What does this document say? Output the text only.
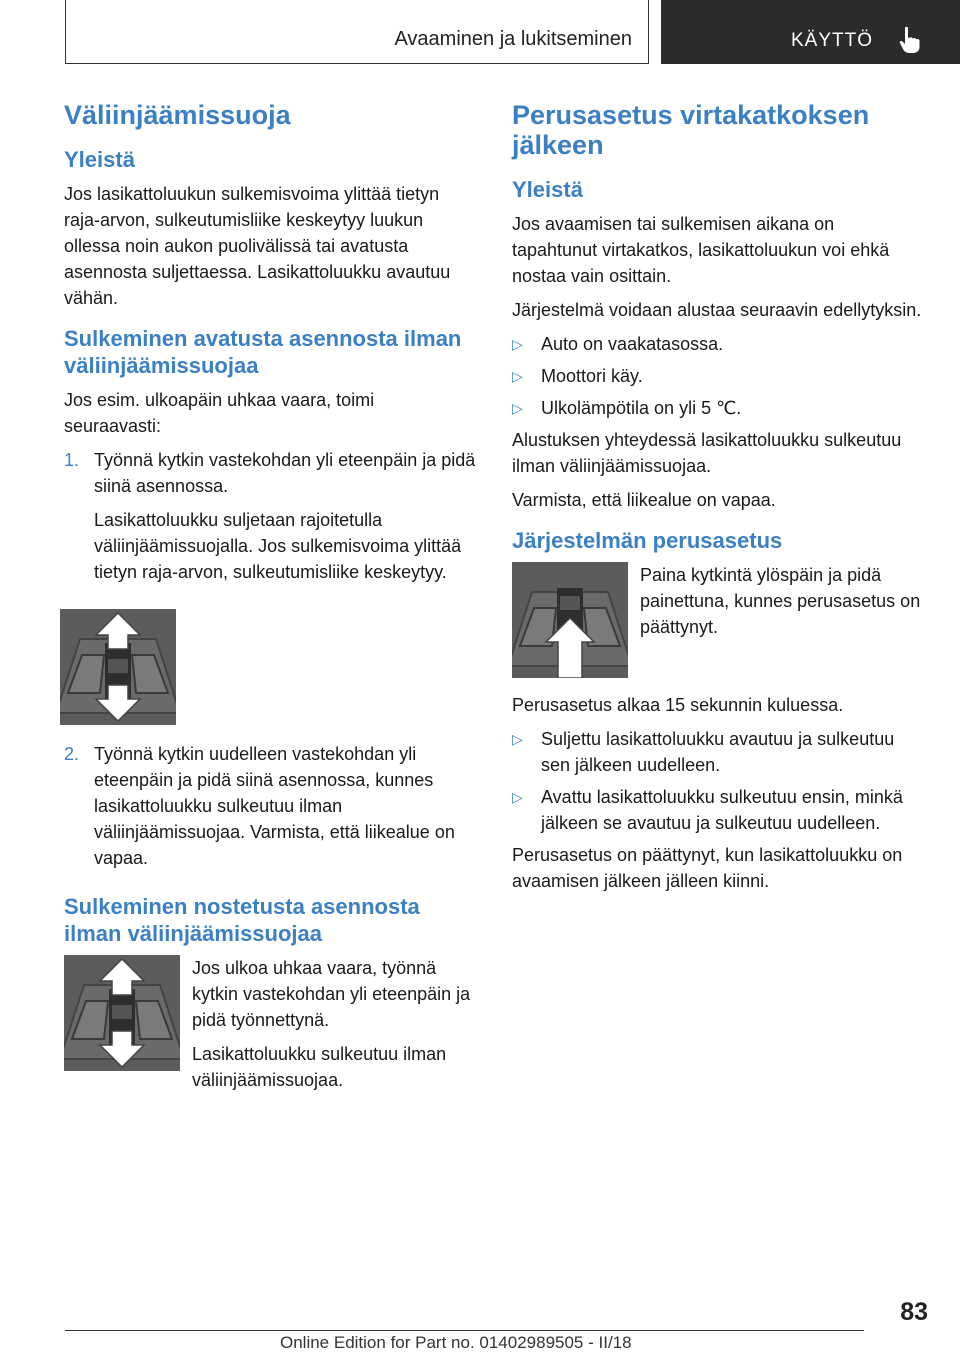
Avaaminen ja lukitseminen	KÄYTTÖ
Väliinjäämissuoja
Yleistä

Jos lasikattoluukun sulkemisvoima ylittää tietyn raja-arvon, sulkeutumisliike keskeytyy luukun ollessa noin aukon puolivälissä tai avatusta asennosta suljettaessa. Lasikattoluukku avautuu vähän.

Sulkeminen avatusta asennosta ilman väliinjäämissuojaa

Jos esim. ulkoapäin uhkaa vaara, toimi seuraavasti:

1. Työnnä kytkin vastekohdan yli eteenpäin ja pidä siinä asennossa.

Lasikattoluukku suljetaan rajoitetulla väliinjäämissuojalla. Jos sulkemisvoima ylittää tietyn raja-arvon, sulkeutumisliike keskeytyy.

2. Työnnä kytkin uudelleen vastekohdan yli eteenpäin ja pidä siinä asennossa, kunnes lasikattoluukku sulkeutuu ilman väliinjäämissuojaa. Varmista, että liikealue on vapaa.

Sulkeminen nostetusta asennosta ilman väliinjäämissuojaa

Jos ulkoa uhkaa vaara, työnnä kytkin vastekohdan yli eteenpäin ja pidä työnnettynä.

Lasikattoluukku sulkeutuu ilman väliinjäämissuojaa.

Perusasetus virtakatkoksen jälkeen
Yleistä

Jos avaamisen tai sulkemisen aikana on tapahtunut virtakatkos, lasikattoluukun voi ehkä nostaa vain osittain.

Järjestelmä voidaan alustaa seuraavin edellytyksin.

▷	Auto on vaakatasossa.

▷	Moottori käy.

▷	Ulkolämpötila on yli 5 ℃.

Alustuksen yhteydessä lasikattoluukku sulkeutuu ilman väliinjäämissuojaa.

Varmista, että liikealue on vapaa.

Järjestelmän perusasetus

Paina kytkintä ylöspäin ja pidä painettuna, kunnes perusasetus on päättynyt.

Perusasetus alkaa 15 sekunnin kuluessa.

▷	Suljettu lasikattoluukku avautuu ja sulkeutuu sen jälkeen uudelleen.

▷	Avattu lasikattoluukku sulkeutuu ensin, minkä jälkeen se avautuu ja sulkeutuu uudelleen.

Perusasetus on päättynyt, kun lasikattoluukku on avaamisen jälkeen jälleen kiinni.

83
Online Edition for Part no. 01402989505 - II/18
